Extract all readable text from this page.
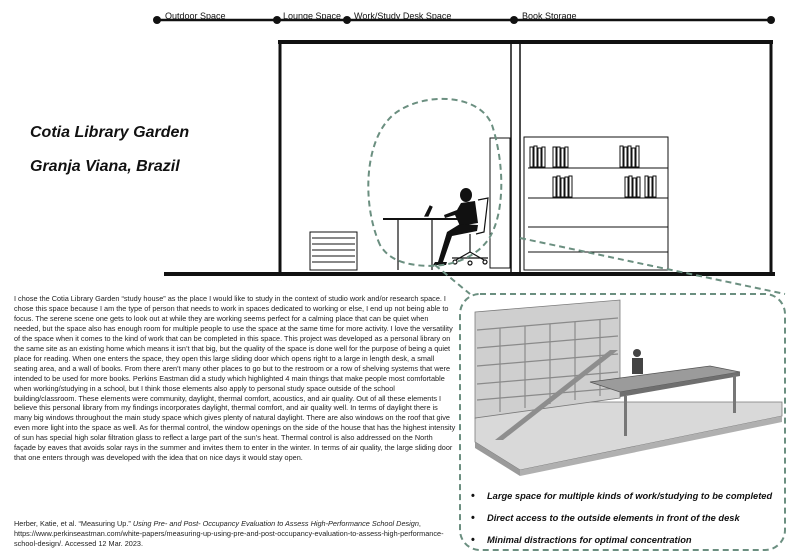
Outdoor Space	Lounge Space Work/Study Desk Space	Book Storage
Cotia Library Garden
Granja Viana, Brazil

I chose the Cotia Library Garden “study house” as the place I would like to study in the context of studio work and/or research space. I chose this space because I am the type of person that needs to work in spaces dedicated to working or else, I end up not being able to focus. The serene scene one gets to look out at while they are working seems perfect for a calming place that can be quiet when needed, but the space also has enough room for multiple people to use the space at the same time for more activity. I love the versatility of the space when it comes to the kind of work that can be completed in this space. This project was developed as a personal library on the same site as an existing home which means it isn’t that big, but the quality of the space is done well for the purpose of being a quiet place for reading. When one enters the space, they open this large sliding door which opens right to a large in length desk, a small seating area, and a wall of books. From there aren’t many other places to go but to the restroom or a row of shelving systems that were intended to be used for more books. Perkins Eastman did a study which highlighted 4 main things that make people most comfortable when working/studying in a school, but I think those elements also apply to personal study space outside of the school building/classroom. These elements were community, daylight, thermal comfort, acoustics, and air quality. Out of all these elements I believe this personal library from my findings incorporates daylight, thermal comfort, and air quality well. In terms of daylight there is many big windows throughout the main study space which gives plenty of natural daylight. There are also windows on the roof that give even more light into the space as well. As for thermal control, the window openings on the side of the house that has the highest intensity of sun has special high solar filtration glass to reflect a large part of the sun’s heat. Thermal control is also addressed on the North façade by eaves that avoids solar rays in the summer and invites them to enter in the winter. In terms of air quality, the large sliding door that one enters through was developed with the idea that on nice days it would stay open.

Herber, Katie, et al. “Measuring Up.” Using Pre- and Post- Occupancy Evaluation to Assess High-Performance School Design, https://www.perkinseastman.com/white-papers/measuring-up-using-pre-and-post-occupancy-evaluation-to-assess-high-performance-school-design/. Accessed 12 Mar. 2023.

• Large space for multiple kinds of work/studying to be completed
• Direct access to the outside elements in front of the desk
• Minimal distractions for optimal concentration
